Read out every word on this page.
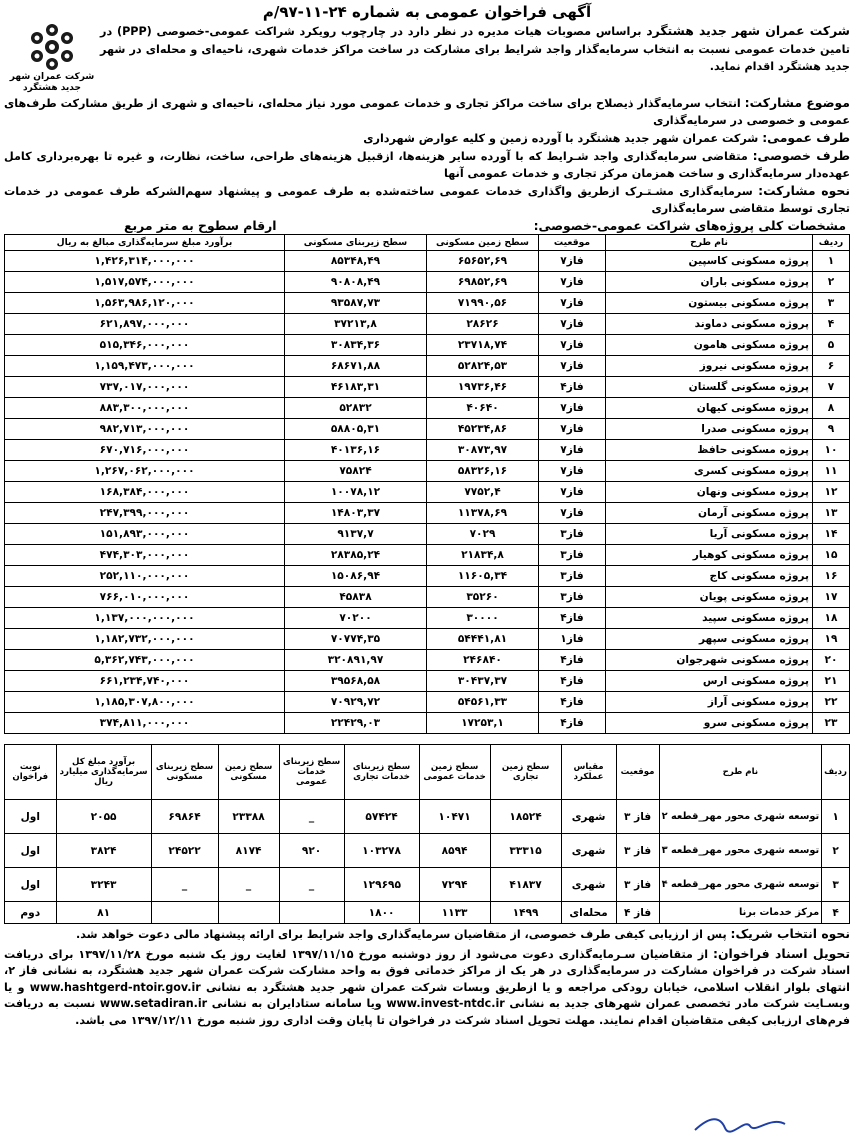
آگهی فراخوان عمومی به شماره ۲۴-۱۱-۹۷/م
شرکت عمران شهر جدید هشتگرد براساس مصوبات هیات مدیره در نظر دارد در چارچوب رویکرد شراکت عمومی-خصوصی (PPP) در تامین خدمات عمومی نسبت به انتخاب سرمایه‌گذار واجد شرایط برای مشارکت در ساخت مراکز خدمات شهری، ناحیه‌ای و محله‌ای در شهر جدید هشتگرد اقدام نماید.
شرکت عمران شهر جدید هشتگرد
موضوع مشارکت: انتخاب سرمایه‌گذار ذیصلاح برای ساخت مراکز تجاری و خدمات عمومی مورد نیاز محله‌ای، ناحیه‌ای و شهری از طریق مشارکت طرف‌های عمومی و خصوصی در سرمایه‌گذاری
طرف عمومی: شرکت عمران شهر جدید هشتگرد با آورده زمین و کلیه عوارض شهرداری
طرف خصوصی: متقاضی سرمایه‌گذاری واجد شـرایط که با آورده سایر هزینه‌ها، ازقبیل هزینه‌های طراحی، ساخت، نظارت، و غیره تا بهره‌برداری کامل عهده‌دار سرمایه‌گذاری و ساخت همزمان مرکز تجاری و خدمات عمومی آنها
نحوه مشارکت: سرمایه‌گذاری مشـتـرک ازطریق واگذاری خدمات عمومی ساخته‌شده به طرف عمومی و پیشنهاد سهم‌الشرکه طرف عمومی در خدمات تجاری توسط متقاضی سرمایه‌گذاری
مشخصات کلی پروژه‌های شراکت عمومی-خصوصی:
ارقام سطوح به متر مربع
ردیف	نام طرح	موقعیت	سطح زمین مسکونی	سطح زیربنای مسکونی	برآورد مبلغ سرمایه‌گذاری مبالغ به ریال
۱	پروژه مسکونی کاسپین	فاز۷	۶۵۶۵۲,۶۹	۸۵۳۴۸,۴۹	۱,۴۲۶,۳۱۴,۰۰۰,۰۰۰
۲	پروژه مسکونی باران	فاز۷	۶۹۸۵۲,۶۹	۹۰۸۰۸,۴۹	۱,۵۱۷,۵۷۴,۰۰۰,۰۰۰
۳	پروژه مسکونی بیستون	فاز۷	۷۱۹۹۰,۵۶	۹۳۵۸۷,۷۳	۱,۵۶۳,۹۸۶,۱۲۰,۰۰۰
۴	پروژه مسکونی دماوند	فاز۷	۲۸۶۲۶	۳۷۲۱۳,۸	۶۲۱,۸۹۷,۰۰۰,۰۰۰
۵	پروژه مسکونی هامون	فاز۷	۲۳۷۱۸,۷۴	۳۰۸۳۴,۳۶	۵۱۵,۳۴۶,۰۰۰,۰۰۰
۶	پروژه مسکونی نیروز	فاز۷	۵۲۸۲۴,۵۳	۶۸۶۷۱,۸۸	۱,۱۵۹,۴۷۳,۰۰۰,۰۰۰
۷	پروژه مسکونی گلستان	فاز۴	۱۹۷۳۶,۴۶	۴۶۱۸۳,۳۱	۷۳۷,۰۱۷,۰۰۰,۰۰۰
۸	پروژه مسکونی کیهان	فاز۷	۴۰۶۴۰	۵۲۸۳۲	۸۸۳,۳۰۰,۰۰۰,۰۰۰
۹	پروژه مسکونی صدرا	فاز۷	۴۵۲۳۴,۸۶	۵۸۸۰۵,۳۱	۹۸۲,۷۱۳,۰۰۰,۰۰۰
۱۰	پروژه مسکونی حافظ	فاز۷	۳۰۸۷۳,۹۷	۴۰۱۳۶,۱۶	۶۷۰,۷۱۶,۰۰۰,۰۰۰
۱۱	پروژه مسکونی کسری	فاز۷	۵۸۳۲۶,۱۶	۷۵۸۲۴	۱,۲۶۷,۰۶۲,۰۰۰,۰۰۰
۱۲	پروژه مسکونی ونهان	فاز۷	۷۷۵۲,۴	۱۰۰۷۸,۱۲	۱۶۸,۳۸۴,۰۰۰,۰۰۰
۱۳	پروژه مسکونی آرمان	فاز۷	۱۱۳۷۸,۶۹	۱۴۸۰۳,۳۷	۲۴۷,۳۹۹,۰۰۰,۰۰۰
۱۴	پروژه مسکونی آریا	فاز۳	۷۰۲۹	۹۱۳۷,۷	۱۵۱,۸۹۳,۰۰۰,۰۰۰
۱۵	پروژه مسکونی کوهیار	فاز۳	۲۱۸۳۴,۸	۲۸۳۸۵,۲۴	۴۷۴,۳۰۳,۰۰۰,۰۰۰
۱۶	پروژه مسکونی کاج	فاز۳	۱۱۶۰۵,۳۴	۱۵۰۸۶,۹۴	۲۵۲,۱۱۰,۰۰۰,۰۰۰
۱۷	پروژه مسکونی پویان	فاز۳	۳۵۲۶۰	۴۵۸۳۸	۷۶۶,۰۱۰,۰۰۰,۰۰۰
۱۸	پروژه مسکونی سپید	فاز۴	۳۰۰۰۰	۷۰۲۰۰	۱,۱۳۷,۰۰۰,۰۰۰,۰۰۰
۱۹	پروژه مسکونی سپهر	فاز۱	۵۴۴۴۱,۸۱	۷۰۷۷۴,۳۵	۱,۱۸۲,۷۳۲,۰۰۰,۰۰۰
۲۰	پروژه مسکونی شهرجوان	فاز۴	۲۴۶۸۴۰	۳۲۰۸۹۱,۹۷	۵,۳۶۲,۷۴۳,۰۰۰,۰۰۰
۲۱	پروژه مسکونی ارس	فاز۴	۳۰۴۳۷,۳۷	۳۹۵۶۸,۵۸	۶۶۱,۲۳۴,۷۴۰,۰۰۰
۲۲	پروژه مسکونی آراز	فاز۴	۵۴۵۶۱,۳۳	۷۰۹۲۹,۷۲	۱,۱۸۵,۳۰۷,۸۰۰,۰۰۰
۲۳	پروژه مسکونی سرو	فاز۴	۱۷۲۵۳,۱	۲۲۴۲۹,۰۳	۳۷۴,۸۱۱,۰۰۰,۰۰۰
ردیف	نام طرح	موقعیت	مقیاس عملکرد	سطح زمین تجاری	سطح زمین خدمات عمومی	سطح زیربنای خدمات تجاری	سطح زیربنای خدمات عمومی	سطح زمین مسکونی	سطح زیربنای مسکونی	برآورد مبلغ کل سرمایه‌گذاری میلیارد ریال	نوبت فراخوان
۱	توسعه شهری محور مهر_قطعه ۲	فاز ۳	شهری	۱۸۵۲۴	۱۰۴۷۱	۵۷۴۲۴	_	۲۳۳۸۸	۶۹۸۶۴	۲۰۵۵	اول
۲	توسعه شهری محور مهر_قطعه ۳	فاز ۳	شهری	۳۳۳۱۵	۸۵۹۴	۱۰۳۲۷۸	۹۲۰	۸۱۷۴	۲۴۵۲۲	۳۸۲۴	اول
۳	توسعه شهری محور مهر_قطعه ۴	فاز ۳	شهری	۴۱۸۳۷	۷۲۹۴	۱۲۹۶۹۵	_	_	_	۳۲۴۳	اول
۴	مرکز خدمات برنا	فاز ۴	محله‌ای	۱۴۹۹	۱۱۳۳	۱۸۰۰				۸۱	دوم
نحوه انتخاب شریک: پس از ارزیابی کیفی طرف خصوصی، از متقاضیان سرمایه‌گذاری واجد شرایط برای ارائه پیشنهاد مالی دعوت خواهد شد.
تحویل اسناد فراخوان: از متقاضیان سـرمایه‌گذاری دعوت می‌شود از روز دوشنبه مورخ ۱۳۹۷/۱۱/۱۵ لغایت روز یک شنبه مورخ ۱۳۹۷/۱۱/۲۸ برای دریافت اسناد شرکت در فراخوان مشارکت در سرمایه‌گذاری در هر یک از مراکز خدماتی فوق به واحد مشارکت شرکت عمران شهر جدید هشتگرد، به نشانی فاز ۲، انتهای بلوار انقلاب اسلامی، خیابان رودکی مراجعه و یا ازطریق وبسات شرکت عمران شهر جدید هشتگرد به نشانی www.hashtgerd-ntoir.gov.ir و یا وبسـایت شرکت مادر تخصصی عمران شهرهای جدید به نشانی www.invest-ntdc.ir ویا سامانه ستادایران به نشانی www.setadiran.ir نسبت به دریافت فرم‌های ارزیابی کیفی متقاضیان اقدام نمایند. مهلت تحویل اسناد شرکت در فراخوان تا پایان وقت اداری روز شنبه مورخ ۱۳۹۷/۱۲/۱۱ می باشد.
